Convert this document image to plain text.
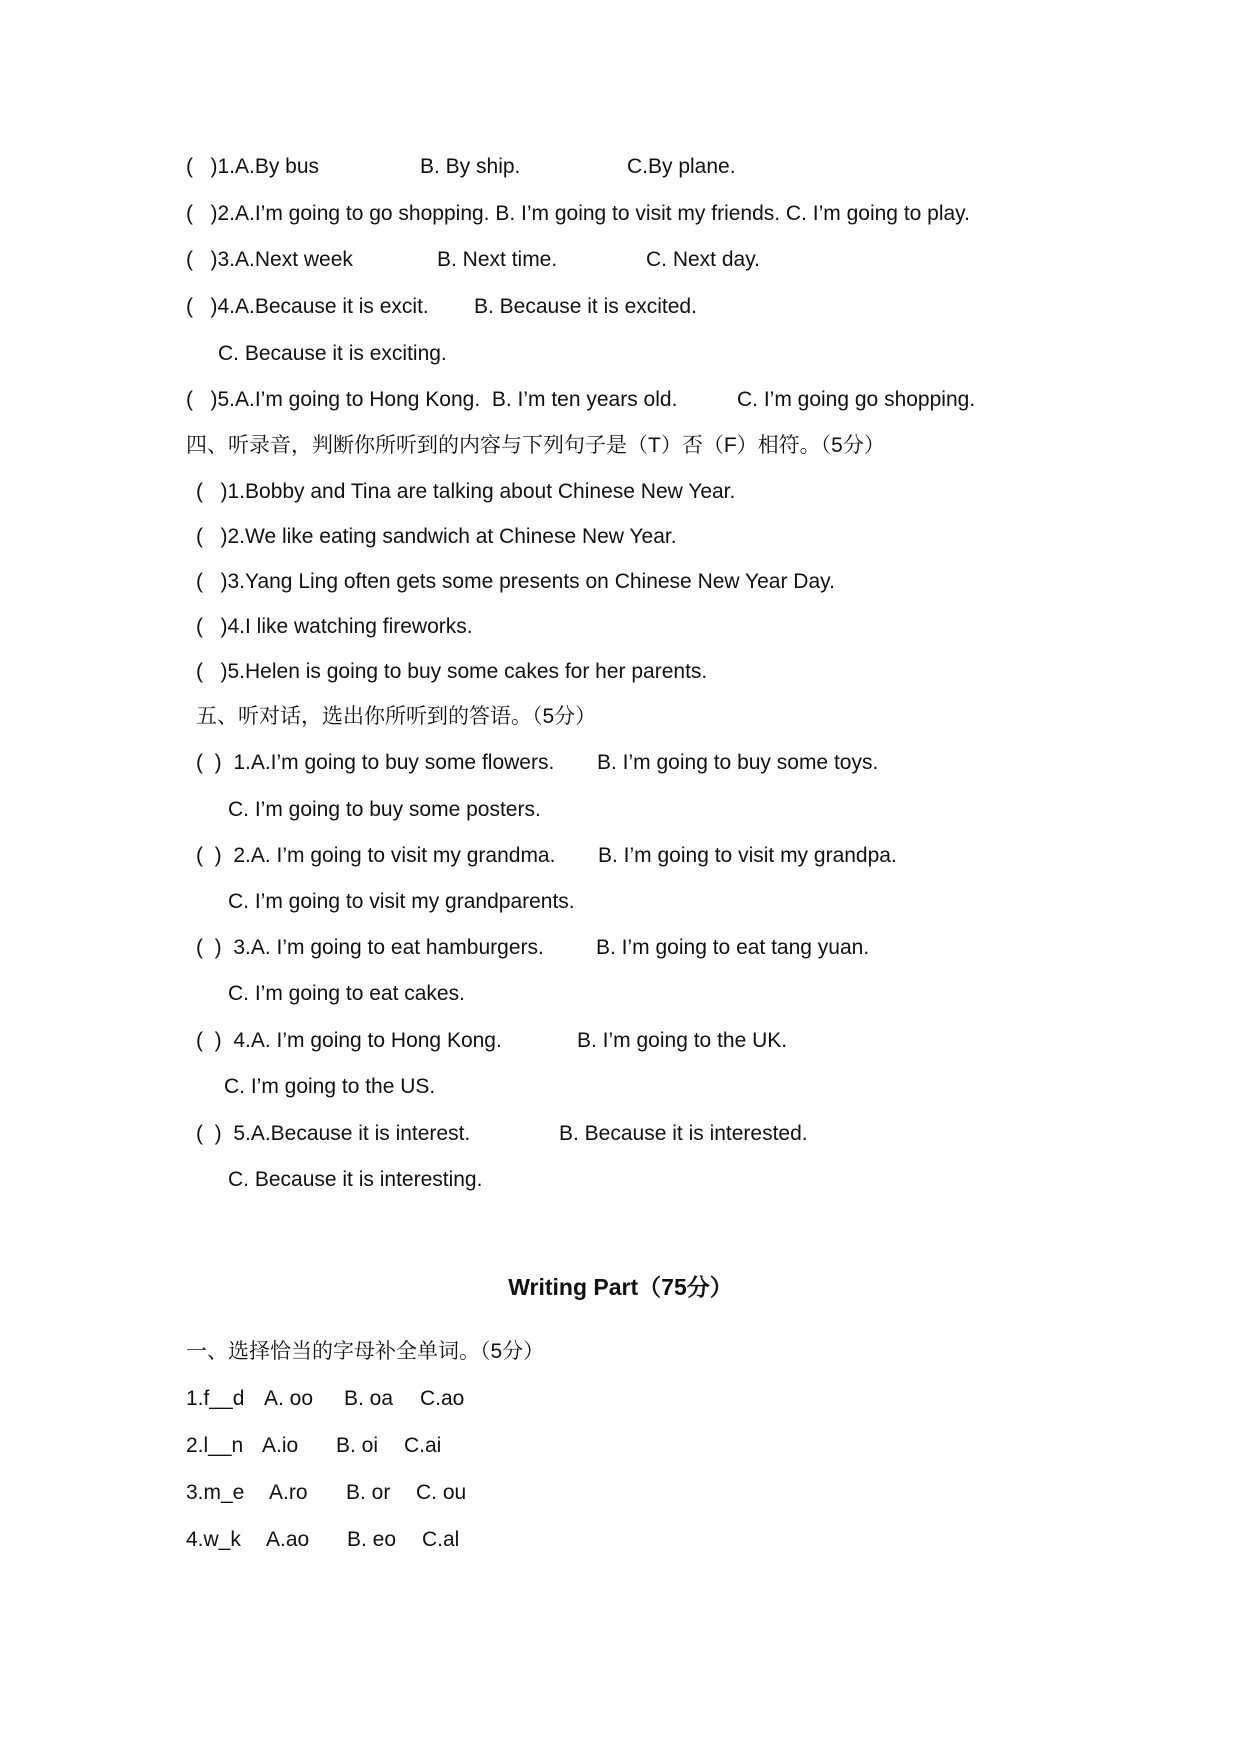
(   )1.A.By bus	B. By ship.	C.By plane.
(   )2.A.I’m going to go shopping. B. I’m going to visit my friends. C. I’m going to play.
(   )3.A.Next week	B. Next time.	C. Next day.
(   )4.A.Because it is excit. B. Because it is excited.
C. Because it is exciting.
(   )5.A.I’m going to Hong Kong.  B. I’m ten years old.	C. I’m going go shopping.
四、听录音，判断你所听到的内容与下列句子是（T）否（F）相符。（5分）
(   )1.Bobby and Tina are talking about Chinese New Year.
(   )2.We like eating sandwich at Chinese New Year.
(   )3.Yang Ling often gets some presents on Chinese New Year Day.
(   )4.I like watching fireworks.
(   )5.Helen is going to buy some cakes for her parents.
五、听对话，选出你所听到的答语。（5分）
(  )  1.A.I’m going to buy some flowers. B. I’m going to buy some toys.
C. I’m going to buy some posters.
(  )  2.A. I’m going to visit my grandma. B. I’m going to visit my grandpa.
C. I’m going to visit my grandparents.
(  )  3.A. I’m going to eat hamburgers. B. I’m going to eat tang yuan.
C. I’m going to eat cakes.
(  )  4.A. I’m going to Hong Kong.	B. I’m going to the UK.
C. I’m going to the US.
(  )  5.A.Because it is interest.	B. Because it is interested.
C. Because it is interesting.
Writing Part（75分）
一、选择恰当的字母补全单词。（5分）
1.f__d A. oo B. oa C.ao
2.l__n A.io B. oi C.ai
3.m_e A.ro B. or C. ou
4.w_k A.ao B. eo C.al
